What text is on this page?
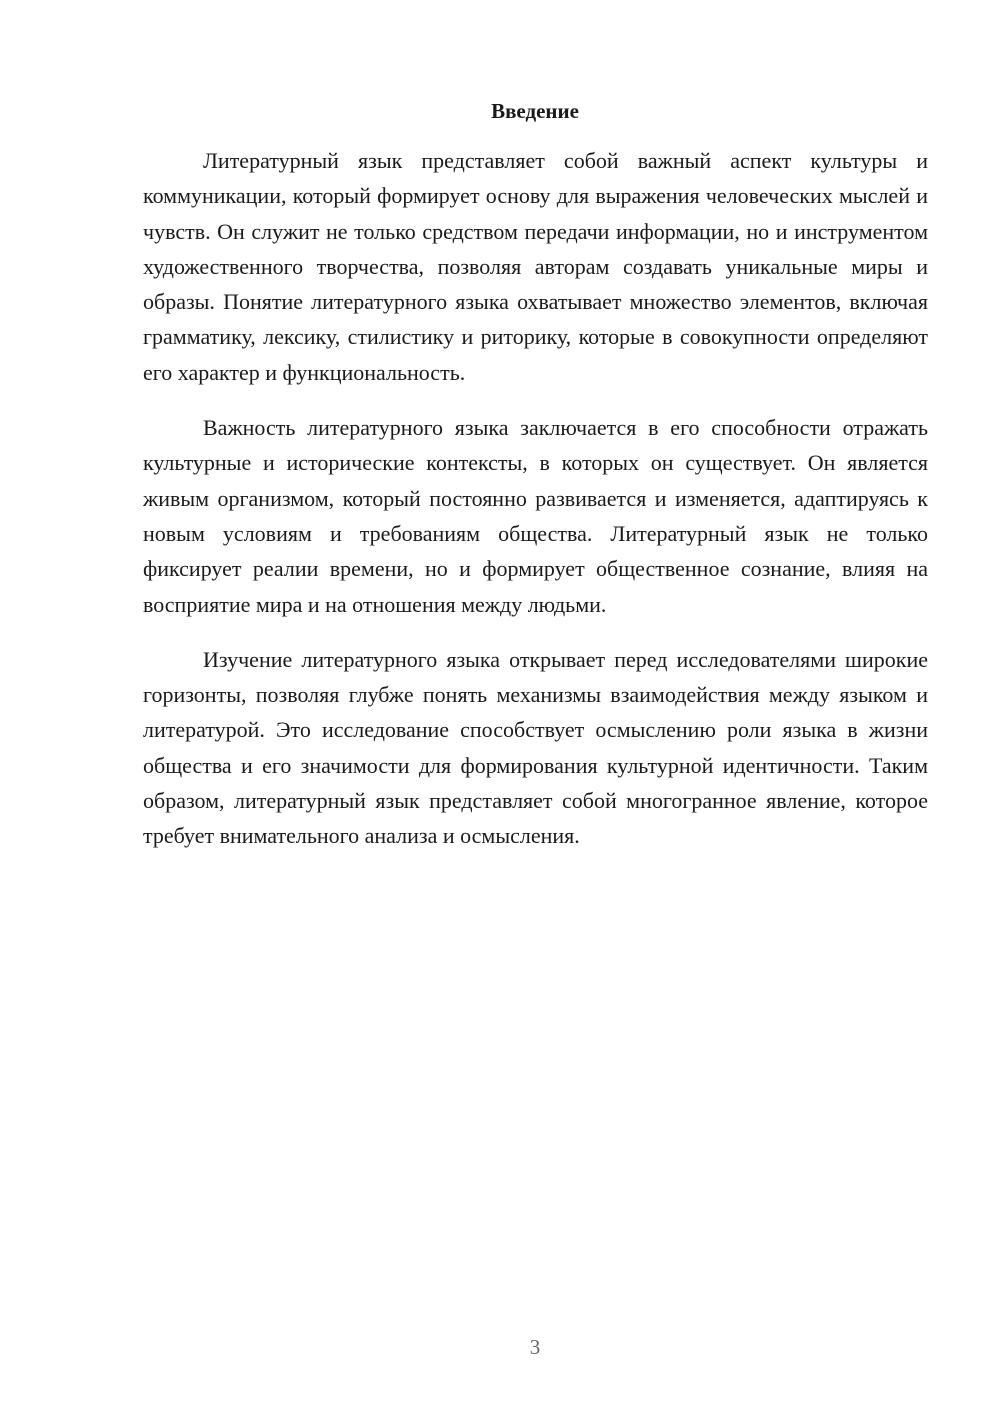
Введение

Литературный язык представляет собой важный аспект культуры и коммуникации, который формирует основу для выражения человеческих мыслей и чувств. Он служит не только средством передачи информации, но и инструментом художественного творчества, позволяя авторам создавать уникальные миры и образы. Понятие литературного языка охватывает множество элементов, включая грамматику, лексику, стилистику и риторику, которые в совокупности определяют его характер и функциональность.

Важность литературного языка заключается в его способности отражать культурные и исторические контексты, в которых он существует. Он является живым организмом, который постоянно развивается и изменяется, адаптируясь к новым условиям и требованиям общества. Литературный язык не только фиксирует реалии времени, но и формирует общественное сознание, влияя на восприятие мира и на отношения между людьми.

Изучение литературного языка открывает перед исследователями широкие горизонты, позволяя глубже понять механизмы взаимодействия между языком и литературой. Это исследование способствует осмыслению роли языка в жизни общества и его значимости для формирования культурной идентичности. Таким образом, литературный язык представляет собой многогранное явление, которое требует внимательного анализа и осмысления.

3
